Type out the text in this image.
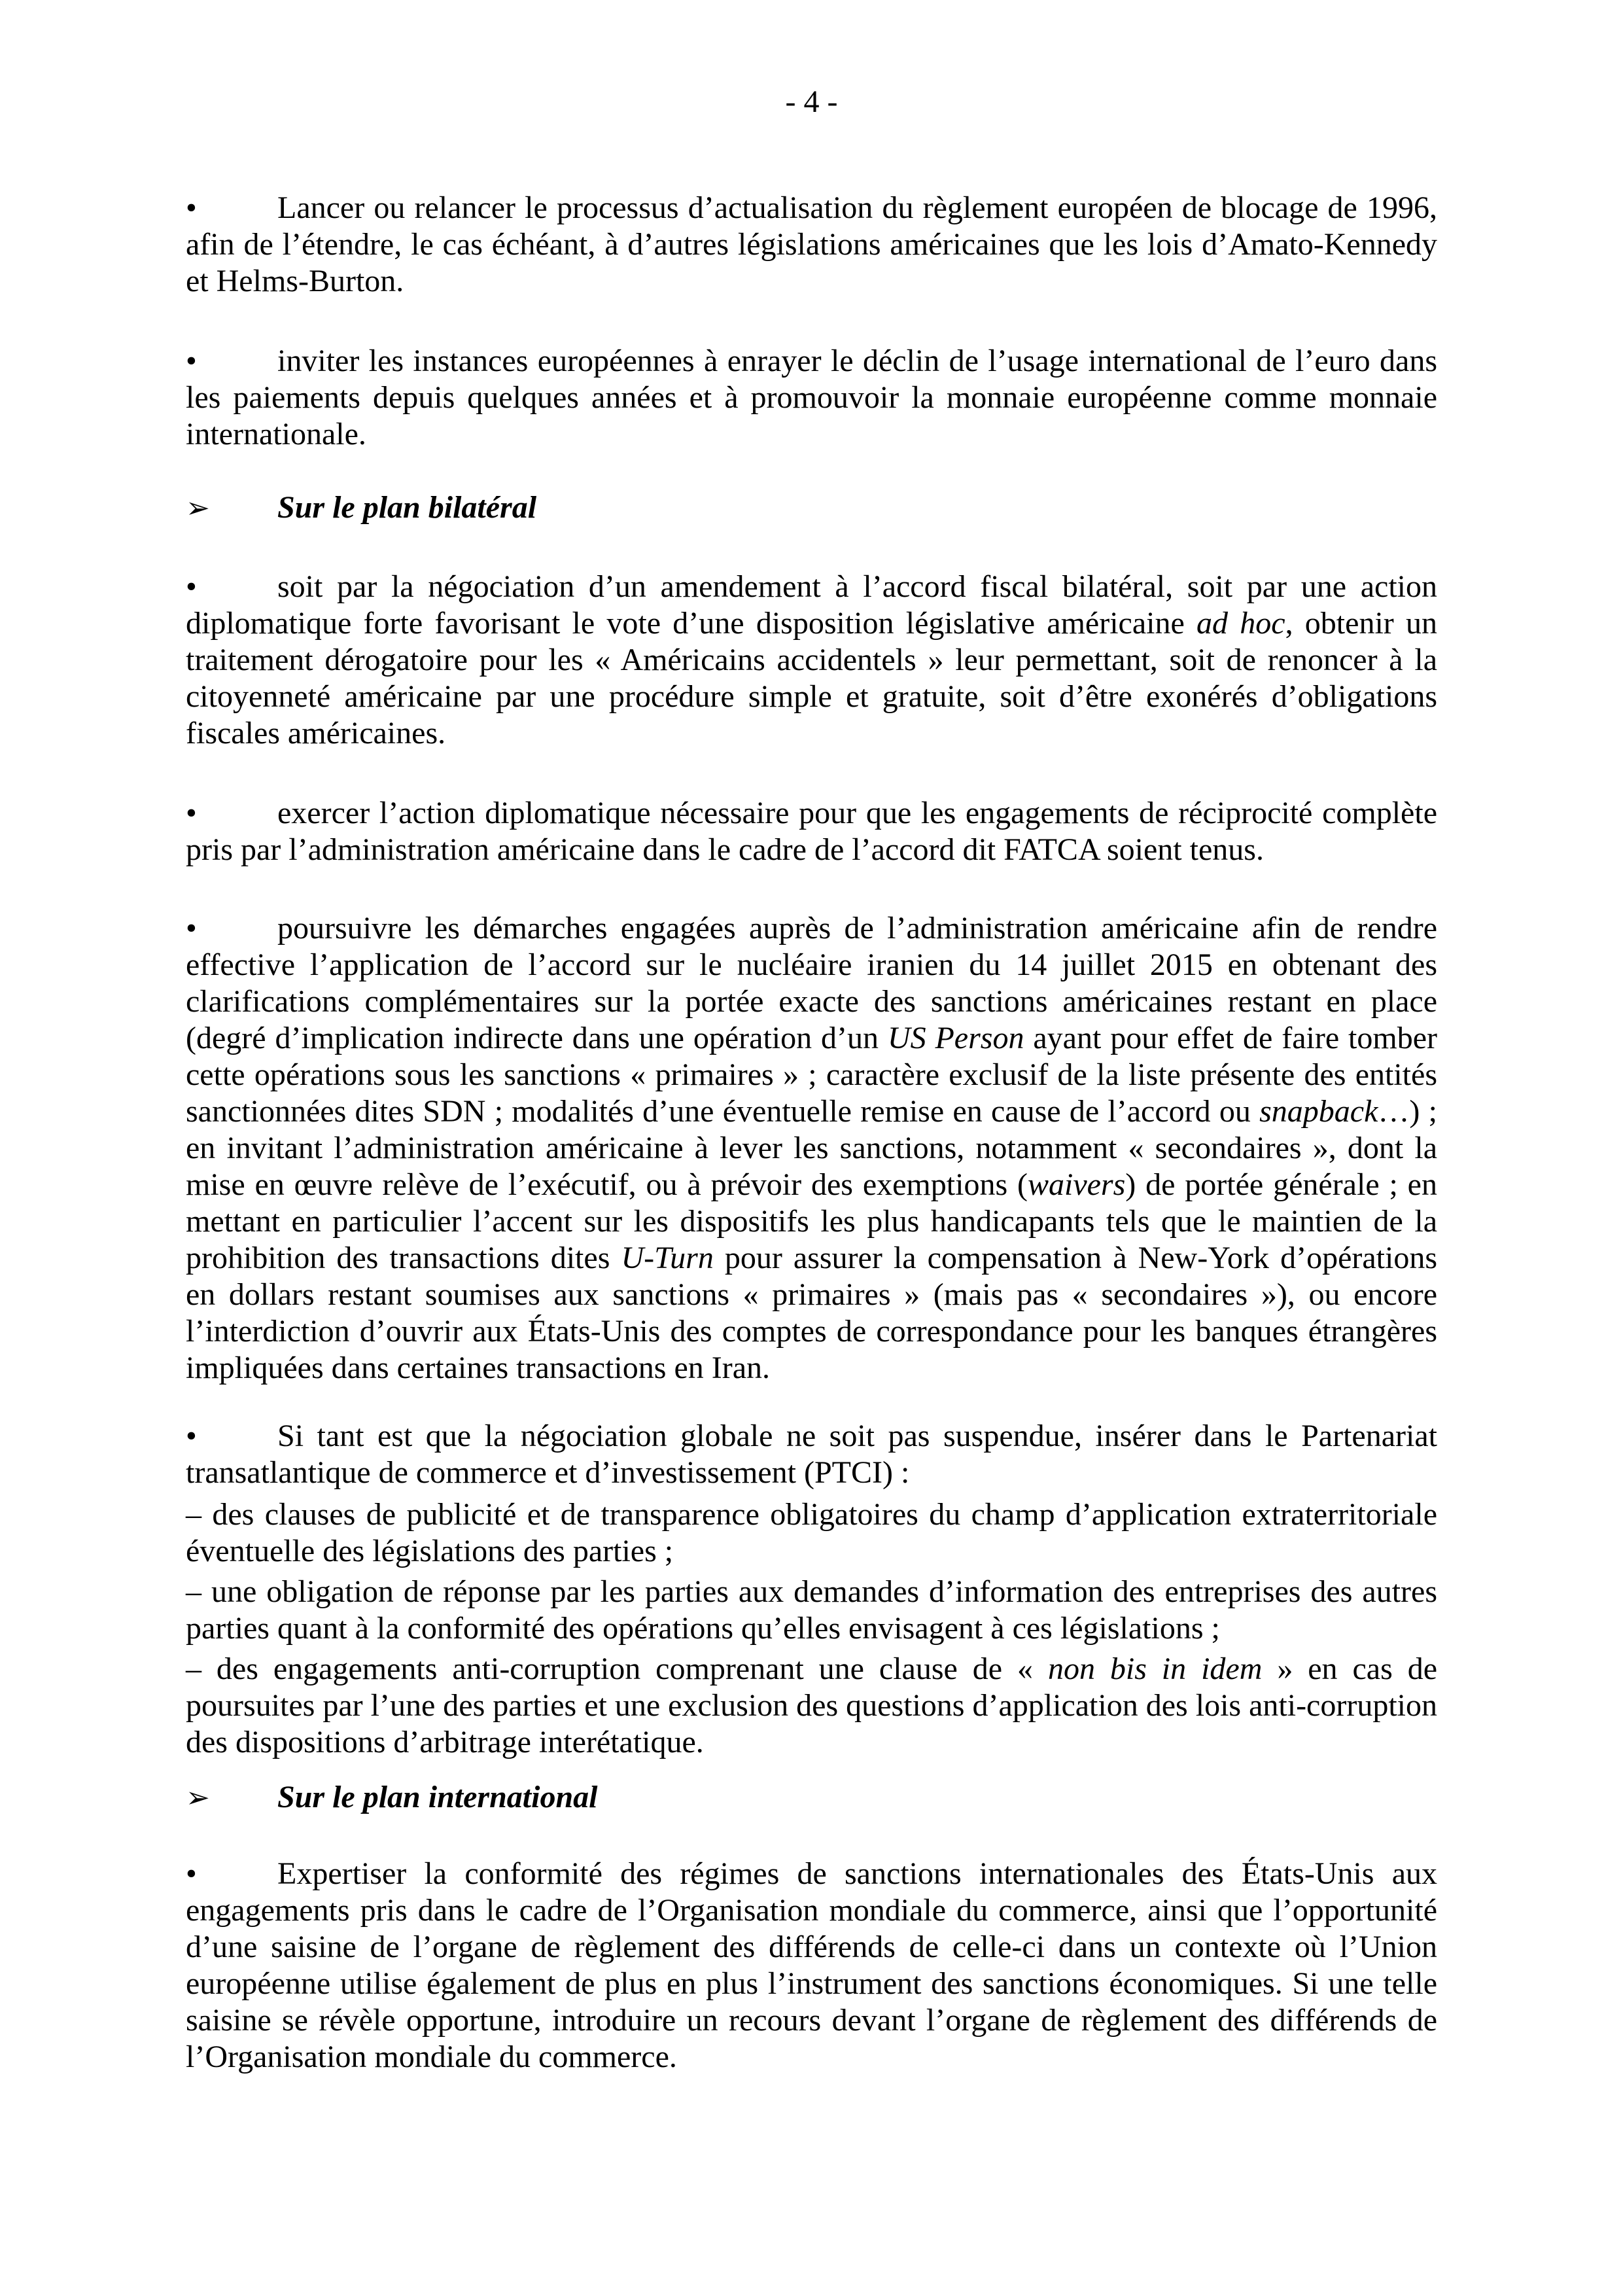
- 4 -

•	Lancer ou relancer le processus d’actualisation du règlement européen de blocage de 1996, afin de l’étendre, le cas échéant, à d’autres législations américaines que les lois d’Amato-Kennedy et Helms-Burton.

•	inviter les instances européennes à enrayer le déclin de l’usage international de l’euro dans les paiements depuis quelques années et à promouvoir la monnaie européenne comme monnaie internationale.

➢ Sur le plan bilatéral

•	soit par la négociation d’un amendement à l’accord fiscal bilatéral, soit par une action diplomatique forte favorisant le vote d’une disposition législative américaine ad hoc, obtenir un traitement dérogatoire pour les « Américains accidentels » leur permettant, soit de renoncer à la citoyenneté américaine par une procédure simple et gratuite, soit d’être exonérés d’obligations fiscales américaines.

•	exercer l’action diplomatique nécessaire pour que les engagements de réciprocité complète pris par l’administration américaine dans le cadre de l’accord dit FATCA soient tenus.

•	poursuivre les démarches engagées auprès de l’administration américaine afin de rendre effective l’application de l’accord sur le nucléaire iranien du 14 juillet 2015 en obtenant des clarifications complémentaires sur la portée exacte des sanctions américaines restant en place (degré d’implication indirecte dans une opération d’un US Person ayant pour effet de faire tomber cette opérations sous les sanctions « primaires » ; caractère exclusif de la liste présente des entités sanctionnées dites SDN ; modalités d’une éventuelle remise en cause de l’accord ou snapback…) ; en invitant l’administration américaine à lever les sanctions, notamment « secondaires », dont la mise en œuvre relève de l’exécutif, ou à prévoir des exemptions (waivers) de portée générale ; en mettant en particulier l’accent sur les dispositifs les plus handicapants tels que le maintien de la prohibition des transactions dites U-Turn pour assurer la compensation à New-York d’opérations en dollars restant soumises aux sanctions « primaires » (mais pas « secondaires »), ou encore l’interdiction d’ouvrir aux États-Unis des comptes de correspondance pour les banques étrangères impliquées dans certaines transactions en Iran.

•	Si tant est que la négociation globale ne soit pas suspendue, insérer dans le Partenariat transatlantique de commerce et d’investissement (PTCI) :

– des clauses de publicité et de transparence obligatoires du champ d’application extraterritoriale éventuelle des législations des parties ;

– une obligation de réponse par les parties aux demandes d’information des entreprises des autres parties quant à la conformité des opérations qu’elles envisagent à ces législations ;

– des engagements anti-corruption comprenant une clause de « non bis in idem » en cas de poursuites par l’une des parties et une exclusion des questions d’application des lois anti-corruption des dispositions d’arbitrage interétatique.

➢ Sur le plan international

•	Expertiser la conformité des régimes de sanctions internationales des États-Unis aux engagements pris dans le cadre de l’Organisation mondiale du commerce, ainsi que l’opportunité d’une saisine de l’organe de règlement des différends de celle-ci dans un contexte où l’Union européenne utilise également de plus en plus l’instrument des sanctions économiques. Si une telle saisine se révèle opportune, introduire un recours devant l’organe de règlement des différends de l’Organisation mondiale du commerce.
